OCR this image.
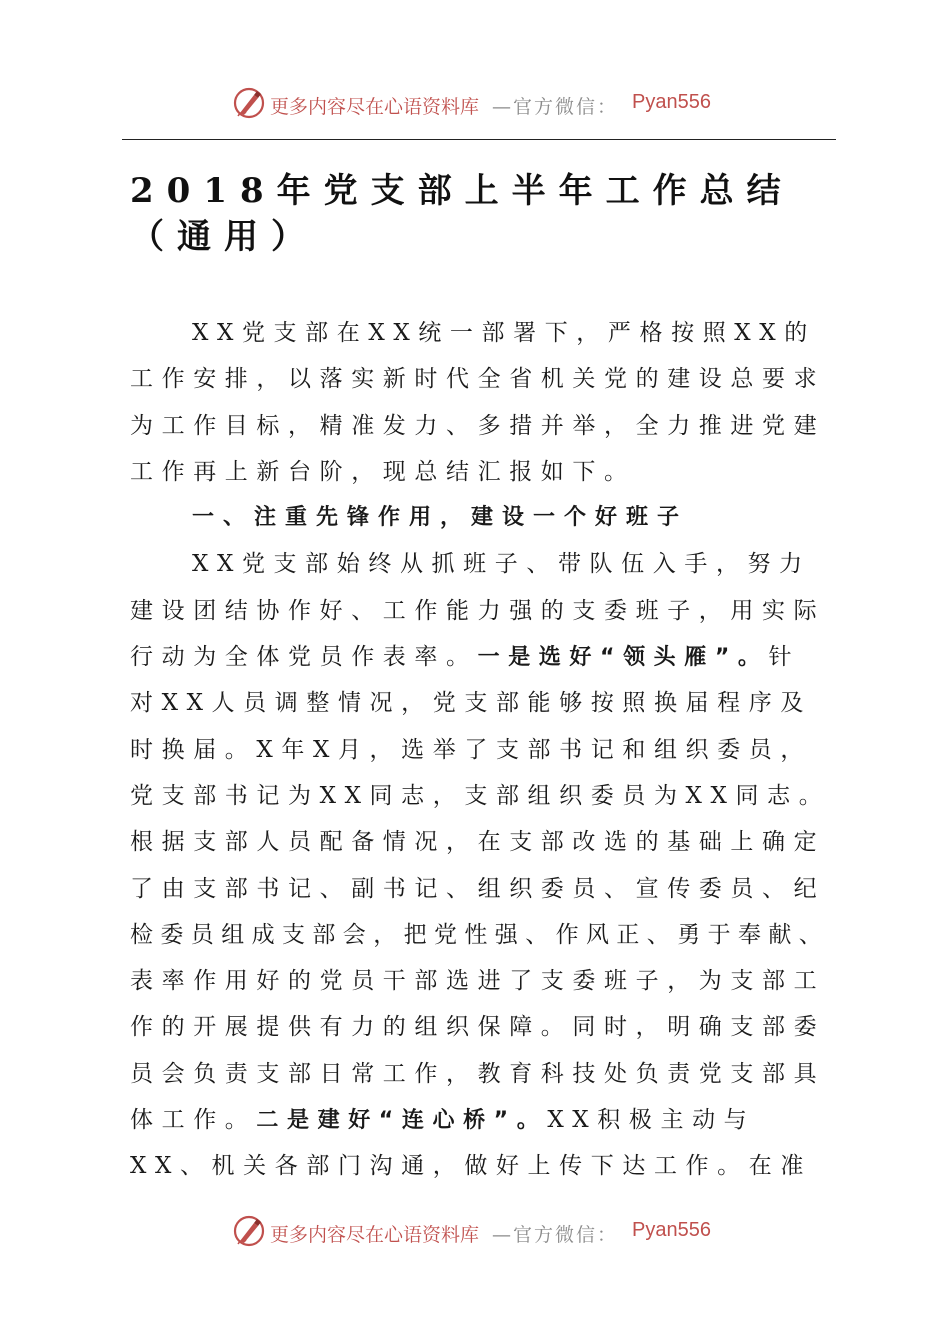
更多内容尽在心语资料库 —官方微信： Pyan556
2018年党支部上半年工作总结（通用）
XX党支部在XX统一部署下，严格按照XX的
工作安排，以落实新时代全省机关党的建设总要求
为工作目标，精准发力、多措并举，全力推进党建
工作再上新台阶，现总结汇报如下。
一、注重先锋作用，建设一个好班子
XX党支部始终从抓班子、带队伍入手，努力
建设团结协作好、工作能力强的支委班子，用实际
行动为全体党员作表率。一是选好“领头雁”。针
对XX人员调整情况，党支部能够按照换届程序及
时换届。X年X月，选举了支部书记和组织委员，
党支部书记为XX同志，支部组织委员为XX同志。
根据支部人员配备情况，在支部改选的基础上确定
了由支部书记、副书记、组织委员、宣传委员、纪
检委员组成支部会，把党性强、作风正、勇于奉献、
表率作用好的党员干部选进了支委班子，为支部工
作的开展提供有力的组织保障。同时，明确支部委
员会负责支部日常工作，教育科技处负责党支部具
体工作。二是建好“连心桥”。XX积极主动与
XX、机关各部门沟通，做好上传下达工作。在准
更多内容尽在心语资料库 —官方微信： Pyan556
